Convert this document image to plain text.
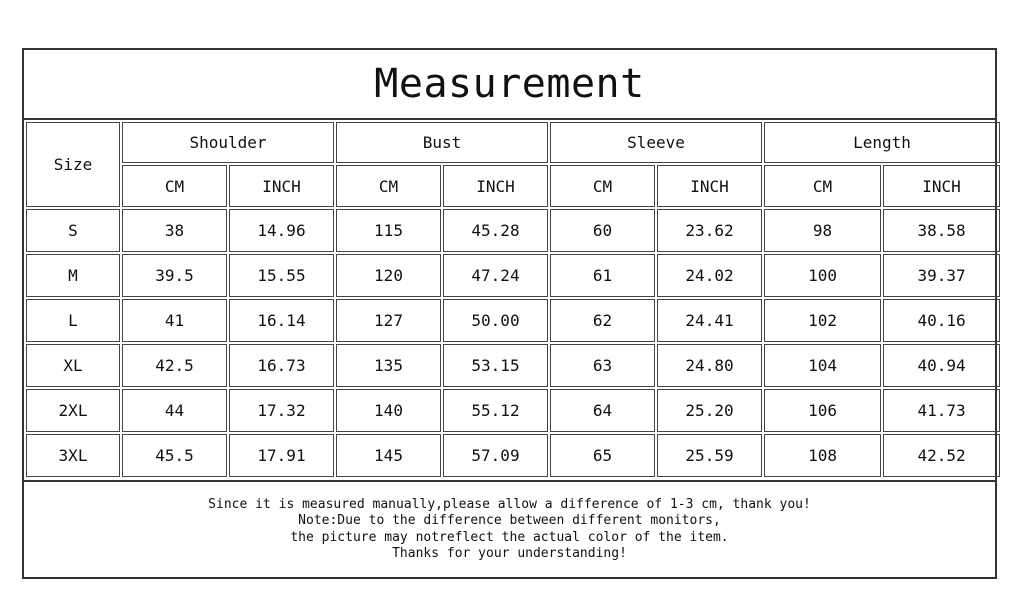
Measurement
Size	Shoulder		Bust		Sleeve		Length	
	CM	INCH	CM	INCH	CM	INCH	CM	INCH
S	38	14.96	115	45.28	60	23.62	98	38.58
M	39.5	15.55	120	47.24	61	24.02	100	39.37
L	41	16.14	127	50.00	62	24.41	102	40.16
XL	42.5	16.73	135	53.15	63	24.80	104	40.94
2XL	44	17.32	140	55.12	64	25.20	106	41.73
3XL	45.5	17.91	145	57.09	65	25.59	108	42.52
Since it is measured manually,please allow a difference of 1-3 cm, thank you!
Note:Due to the difference between different monitors,
the picture may notreflect the actual color of the item.
Thanks for your understanding!
